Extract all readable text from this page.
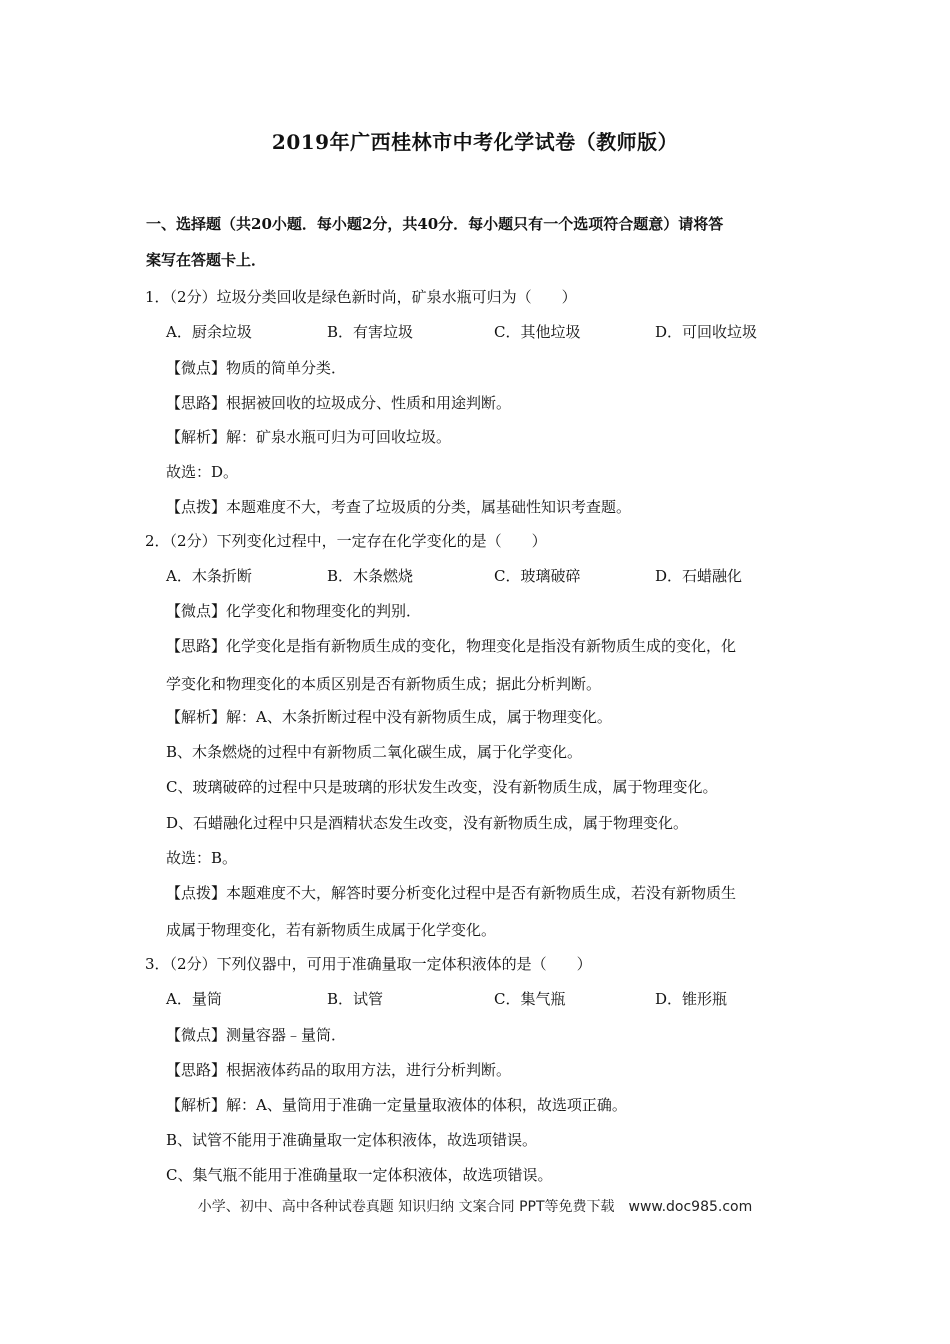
2019年广西桂林市中考化学试卷（教师版）
一、选择题（共20小题．每小题2分，共40分．每小题只有一个选项符合题意）请将答
案写在答题卡上．
1．（2分）垃圾分类回收是绿色新时尚，矿泉水瓶可归为（　　）
A．厨余垃圾	B．有害垃圾	C．其他垃圾	D．可回收垃圾
【微点】物质的简单分类．
【思路】根据被回收的垃圾成分、性质和用途判断。
【解析】解：矿泉水瓶可归为可回收垃圾。
故选：D。
【点拨】本题难度不大，考查了垃圾质的分类，属基础性知识考查题。
2．（2分）下列变化过程中，一定存在化学变化的是（　　）
A．木条折断	B．木条燃烧	C．玻璃破碎	D．石蜡融化
【微点】化学变化和物理变化的判别．
【思路】化学变化是指有新物质生成的变化，物理变化是指没有新物质生成的变化，化
学变化和物理变化的本质区别是否有新物质生成；据此分析判断。
【解析】解：A、木条折断过程中没有新物质生成，属于物理变化。
B、木条燃烧的过程中有新物质二氧化碳生成，属于化学变化。
C、玻璃破碎的过程中只是玻璃的形状发生改变，没有新物质生成，属于物理变化。
D、石蜡融化过程中只是酒精状态发生改变，没有新物质生成，属于物理变化。
故选：B。
【点拨】本题难度不大，解答时要分析变化过程中是否有新物质生成，若没有新物质生
成属于物理变化，若有新物质生成属于化学变化。
3．（2分）下列仪器中，可用于准确量取一定体积液体的是（　　）
A．量筒	B．试管	C．集气瓶	D．锥形瓶
【微点】测量容器﹣量筒．
【思路】根据液体药品的取用方法，进行分析判断。
【解析】解：A、量筒用于准确一定量量取液体的体积，故选项正确。
B、试管不能用于准确量取一定体积液体，故选项错误。
C、集气瓶不能用于准确量取一定体积液体，故选项错误。
小学、初中、高中各种试卷真题 知识归纳 文案合同 PPT等免费下载　www.doc985.com
